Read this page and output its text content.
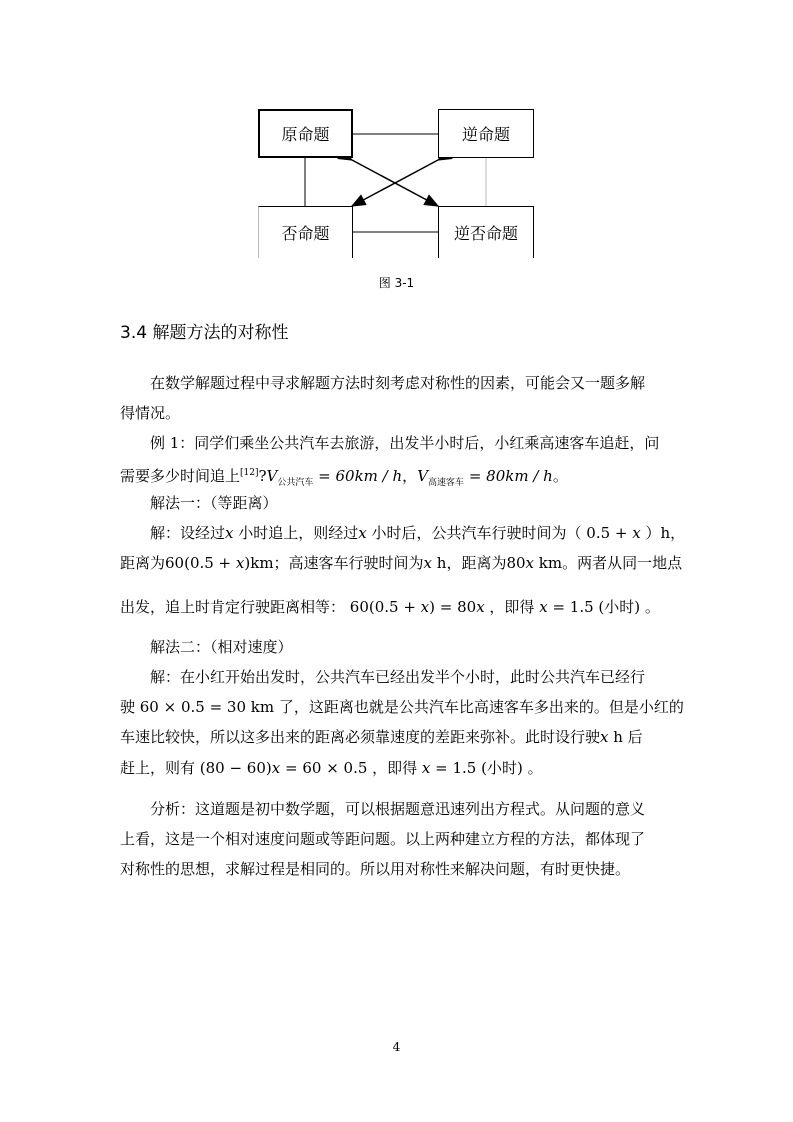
原命题	逆命题
否命题	逆否命题
图 3-1
3.4 解题方法的对称性
在数学解题过程中寻求解题方法时刻考虑对称性的因素，可能会又一题多解
得情况。
例 1：同学们乘坐公共汽车去旅游，出发半小时后，小红乘高速客车追赶，问
需要多少时间追上$[12]?V_{公共汽车} = 60km / h$，$V_{高速客车} = 80km / h$。
解法一：（等距离）
解：设经过x 小时追上，则经过x 小时后，公共汽车行驶时间为（ 0.5 + x ）h，
距离为60(0.5 + x)km；高速客车行驶时间为x h，距离为80x km。两者从同一地点
出发，追上时肯定行驶距离相等： 60(0.5 + x) = 80x ，即得 x = 1.5 (小时) 。
解法二：（相对速度）
解：在小红开始出发时，公共汽车已经出发半个小时，此时公共汽车已经行
驶 60 × 0.5 = 30 km 了，这距离也就是公共汽车比高速客车多出来的。但是小红的
车速比较快，所以这多出来的距离必须靠速度的差距来弥补。此时设行驶x h 后
赶上，则有 (80 − 60)x = 60 × 0.5 ，即得 x = 1.5 (小时) 。
分析：这道题是初中数学题，可以根据题意迅速列出方程式。从问题的意义
上看，这是一个相对速度问题或等距问题。以上两种建立方程的方法，都体现了
对称性的思想，求解过程是相同的。所以用对称性来解决问题，有时更快捷。
4
